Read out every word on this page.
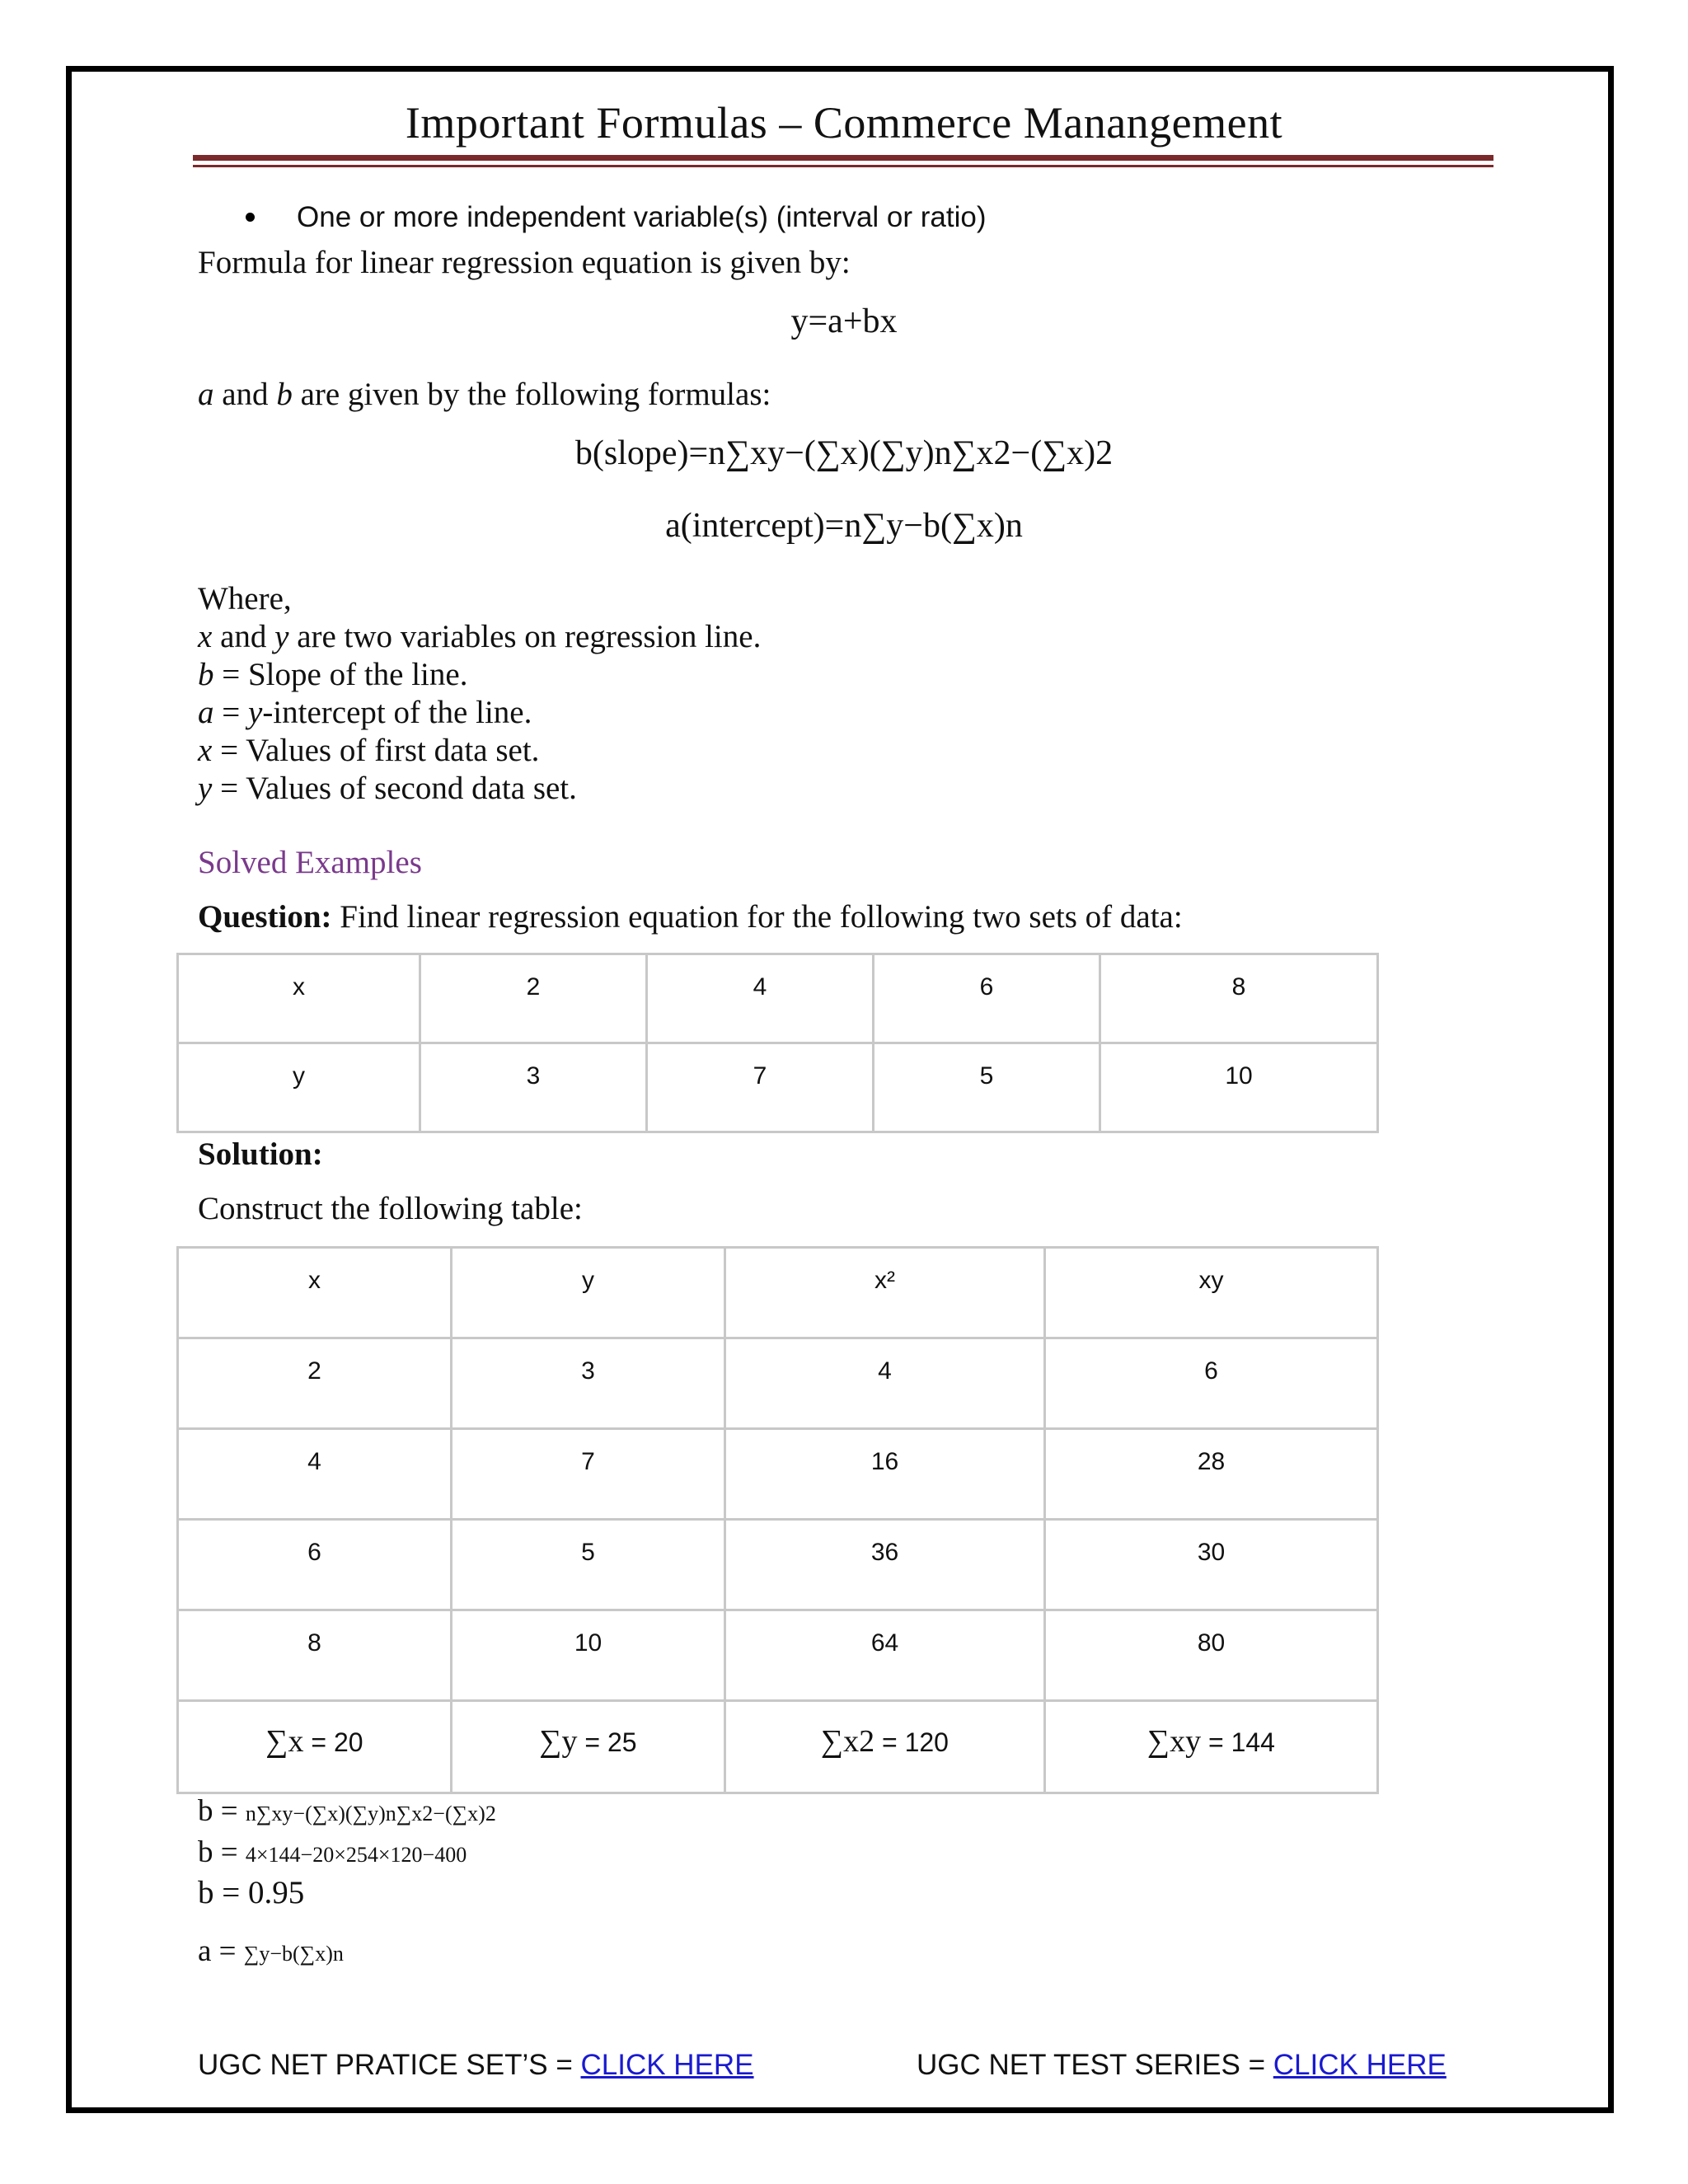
Important Formulas – Commerce Manangement
One or more independent variable(s) (interval or ratio)
Formula for linear regression equation is given by:
y=a+bx
a and b are given by the following formulas:
b(slope)=n∑xy−(∑x)(∑y)n∑x2−(∑x)2
a(intercept)=n∑y−b(∑x)n
Where,
x and y are two variables on regression line.
b = Slope of the line.
a = y-intercept of the line.
x = Values of first data set.
y = Values of second data set.
Solved Examples
Question: Find linear regression equation for the following two sets of data:
x	2	4	6	8
y	3	7	5	10
Solution:
Construct the following table:
x	y	x²	xy
2	3	4	6
4	7	16	28
6	5	36	30
8	10	64	80
∑x = 20	∑y = 25	∑x2 = 120	∑xy = 144
b = n∑xy−(∑x)(∑y)n∑x2−(∑x)2
b = 4×144−20×254×120−400
b = 0.95
a = ∑y−b(∑x)n
UGC NET PRATICE SET’S = CLICK HERE	UGC NET TEST SERIES = CLICK HERE
